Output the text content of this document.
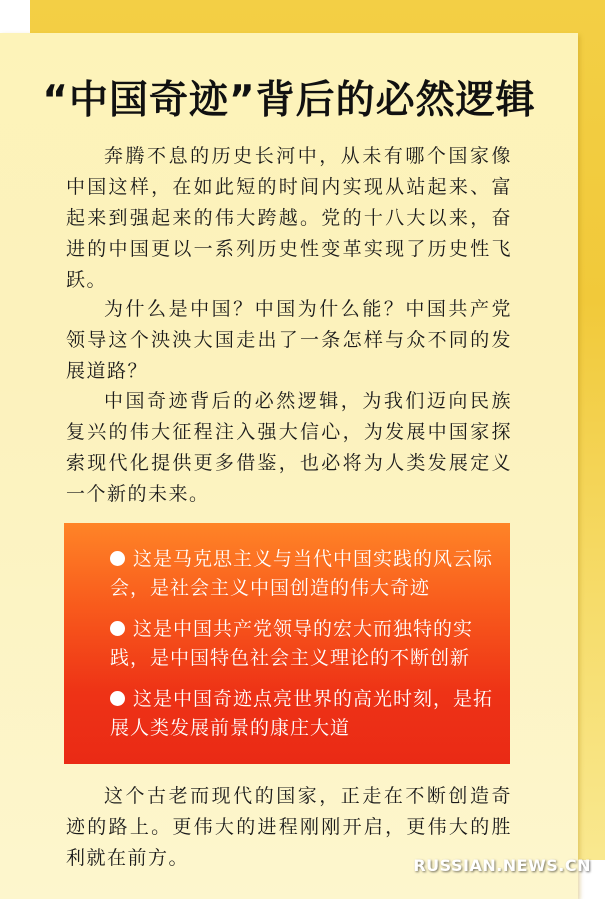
“中国奇迹”背后的必然逻辑

奔腾不息的历史长河中，从未有哪个国家像中国这样，在如此短的时间内实现从站起来、富起来到强起来的伟大跨越。党的十八大以来，奋进的中国更以一系列历史性变革实现了历史性飞跃。

为什么是中国？中国为什么能？中国共产党领导这个泱泱大国走出了一条怎样与众不同的发展道路？

中国奇迹背后的必然逻辑，为我们迈向民族复兴的伟大征程注入强大信心，为发展中国家探索现代化提供更多借鉴，也必将为人类发展定义一个新的未来。

这是马克思主义与当代中国实践的风云际会，是社会主义中国创造的伟大奇迹

这是中国共产党领导的宏大而独特的实践，是中国特色社会主义理论的不断创新

这是中国奇迹点亮世界的高光时刻，是拓展人类发展前景的康庄大道

这个古老而现代的国家，正走在不断创造奇迹的路上。更伟大的进程刚刚开启，更伟大的胜利就在前方。	RUSSIAN.NEWS.CN
